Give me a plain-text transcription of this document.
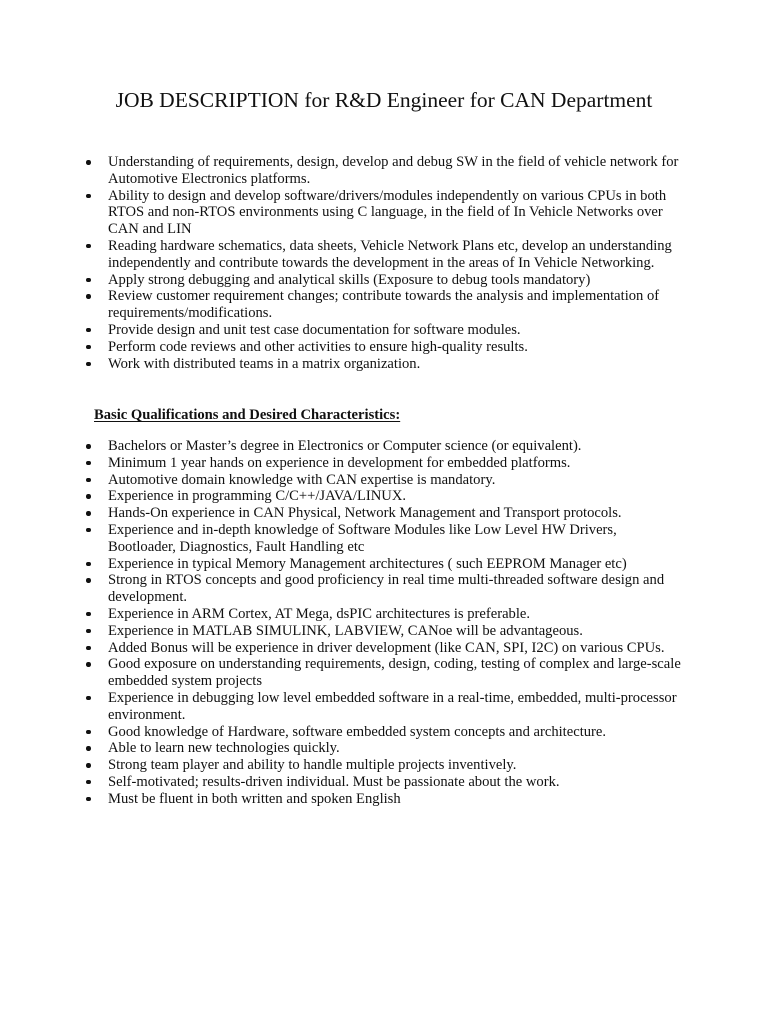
JOB DESCRIPTION for R&D Engineer for CAN Department
Understanding of requirements, design, develop and debug SW in the field of vehicle network for Automotive Electronics platforms.
Ability to design and develop software/drivers/modules independently on various CPUs in both RTOS and non-RTOS environments using C language, in the field of In Vehicle Networks over CAN and LIN
Reading hardware schematics, data sheets, Vehicle Network Plans etc, develop an understanding independently and contribute towards the development in the areas of In Vehicle Networking.
Apply strong debugging and analytical skills (Exposure to debug tools mandatory)
Review customer requirement changes; contribute towards the analysis and implementation of requirements/modifications.
Provide design and unit test case documentation for software modules.
Perform code reviews and other activities to ensure high-quality results.
Work with distributed teams in a matrix organization.
Basic Qualifications and Desired Characteristics:
Bachelors or Master’s degree in Electronics or Computer science (or equivalent).
Minimum 1 year hands on experience in development for embedded platforms.
Automotive domain knowledge with CAN expertise is mandatory.
Experience in programming C/C++/JAVA/LINUX.
Hands-On experience in CAN Physical, Network Management and Transport protocols.
Experience and in-depth knowledge of Software Modules like Low Level HW Drivers, Bootloader, Diagnostics, Fault Handling etc
Experience in typical Memory Management architectures ( such EEPROM Manager etc)
Strong in RTOS concepts and good proficiency in real time multi-threaded software design and development.
Experience in ARM Cortex, AT Mega, dsPIC architectures is preferable.
Experience in MATLAB SIMULINK, LABVIEW, CANoe will be advantageous.
Added Bonus will be experience in driver development (like CAN, SPI, I2C) on various CPUs.
Good exposure on understanding requirements, design, coding, testing of complex and large-scale embedded system projects
Experience in debugging low level embedded software in a real-time, embedded, multi-processor environment.
Good knowledge of Hardware, software embedded system concepts and architecture.
Able to learn new technologies quickly.
Strong team player and ability to handle multiple projects inventively.
Self-motivated; results-driven individual. Must be passionate about the work.
Must be fluent in both written and spoken English
